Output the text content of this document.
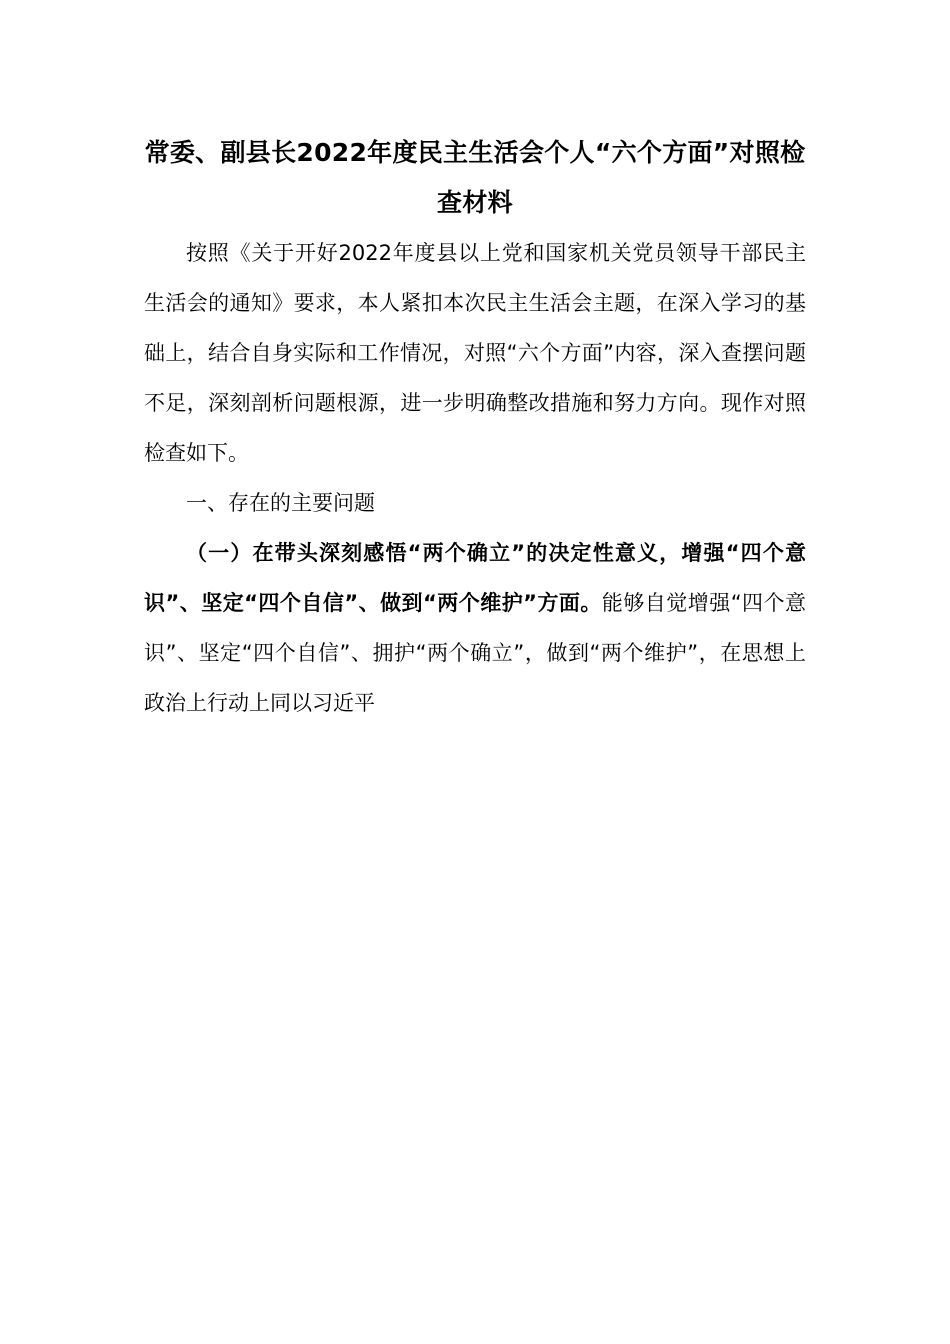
常委、副县长2022年度民主生活会个人“六个方面”对照检查材料

按照《关于开好2022年度县以上党和国家机关党员领导干部民主生活会的通知》要求，本人紧扣本次民主生活会主题，在深入学习的基础上，结合自身实际和工作情况，对照“六个方面”内容，深入查摆问题不足，深刻剖析问题根源，进一步明确整改措施和努力方向。现作对照检查如下。

一、存在的主要问题

（一）在带头深刻感悟“两个确立”的决定性意义，增强“四个意识”、坚定“四个自信”、做到“两个维护”方面。能够自觉增强“四个意识”、坚定“四个自信”、拥护“两个确立”，做到“两个维护”，在思想上政治上行动上同以习近平
